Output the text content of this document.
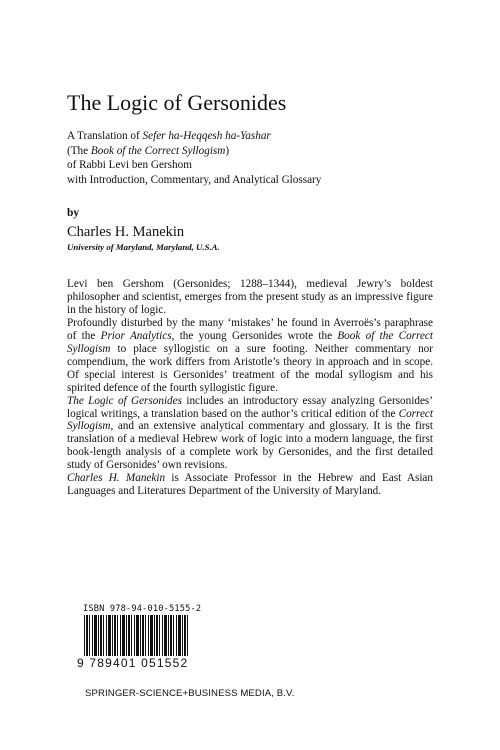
The Logic of Gersonides
A Translation of Sefer ha-Heqqesh ha-Yashar
(The Book of the Correct Syllogism)
of Rabbi Levi ben Gershom
with Introduction, Commentary, and Analytical Glossary
by
Charles H. Manekin
University of Maryland, Maryland, U.S.A.

Levi ben Gershom (Gersonides; 1288–1344), medieval Jewry’s boldest philosopher and scientist, emerges from the present study as an impressive figure in the history of logic.

Profoundly disturbed by the many ‘mistakes’ he found in Averroës’s paraphrase of the Prior Analytics, the young Gersonides wrote the Book of the Correct Syllogism to place syllogistic on a sure footing. Neither commentary nor compendium, the work differs from Aristotle’s theory in approach and in scope. Of special interest is Gersonides’ treatment of the modal syllogism and his spirited defence of the fourth syllogistic figure.

The Logic of Gersonides includes an introductory essay analyzing Gersonides’ logical writings, a translation based on the author’s critical edition of the Correct Syllogism, and an extensive analytical commentary and glossary. It is the first translation of a medieval Hebrew work of logic into a modern language, the first book-length analysis of a complete work by Gersonides, and the first detailed study of Gersonides’ own revisions.

Charles H. Manekin is Associate Professor in the Hebrew and East Asian Languages and Literatures Department of the University of Maryland.

ISBN 978-94-010-5155-2
9 789401 051552
SPRINGER-SCIENCE+BUSINESS MEDIA, B.V.
